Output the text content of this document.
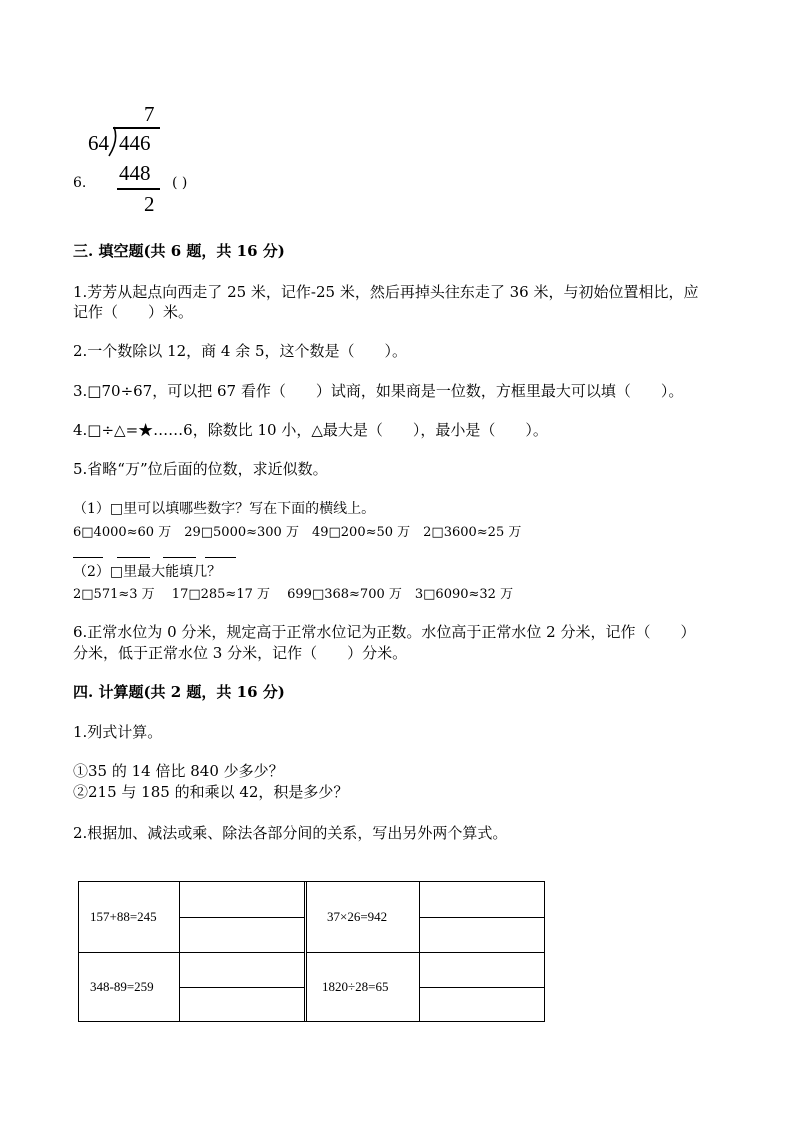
7
64 446
6. 448
2
( )
三. 填空题(共 6 题，共 16 分)
1.芳芳从起点向西走了 25 米，记作-25 米，然后再掉头往东走了 36 米，与初始位置相比，应
记作（　　）米。
2.一个数除以 12，商 4 余 5，这个数是（　　）。
3.□70÷67，可以把 67 看作（　　）试商，如果商是一位数，方框里最大可以填（　　）。
4.□÷△=★……6，除数比 10 小，△最大是（　　），最小是（　　）。
5.省略“万”位后面的位数，求近似数。
（1）□里可以填哪些数字？写在下面的横线上。
6□4000≈60 万　29□5000≈300 万　49□200≈50 万　2□3600≈25 万
（2）□里最大能填几？
2□571≈3 万　 17□285≈17 万　 699□368≈700 万　3□6090≈32 万
6.正常水位为 0 分米，规定高于正常水位记为正数。水位高于正常水位 2 分米，记作（　　）
分米，低于正常水位 3 分米，记作（　　）分米。
四. 计算题(共 2 题，共 16 分)
1.列式计算。
①35 的 14 倍比 840 少多少？
②215 与 185 的和乘以 42，积是多少？
2.根据加、减法或乘、除法各部分间的关系，写出另外两个算式。
157+88=245	37×26=942
348-89=259	1820÷28=65
